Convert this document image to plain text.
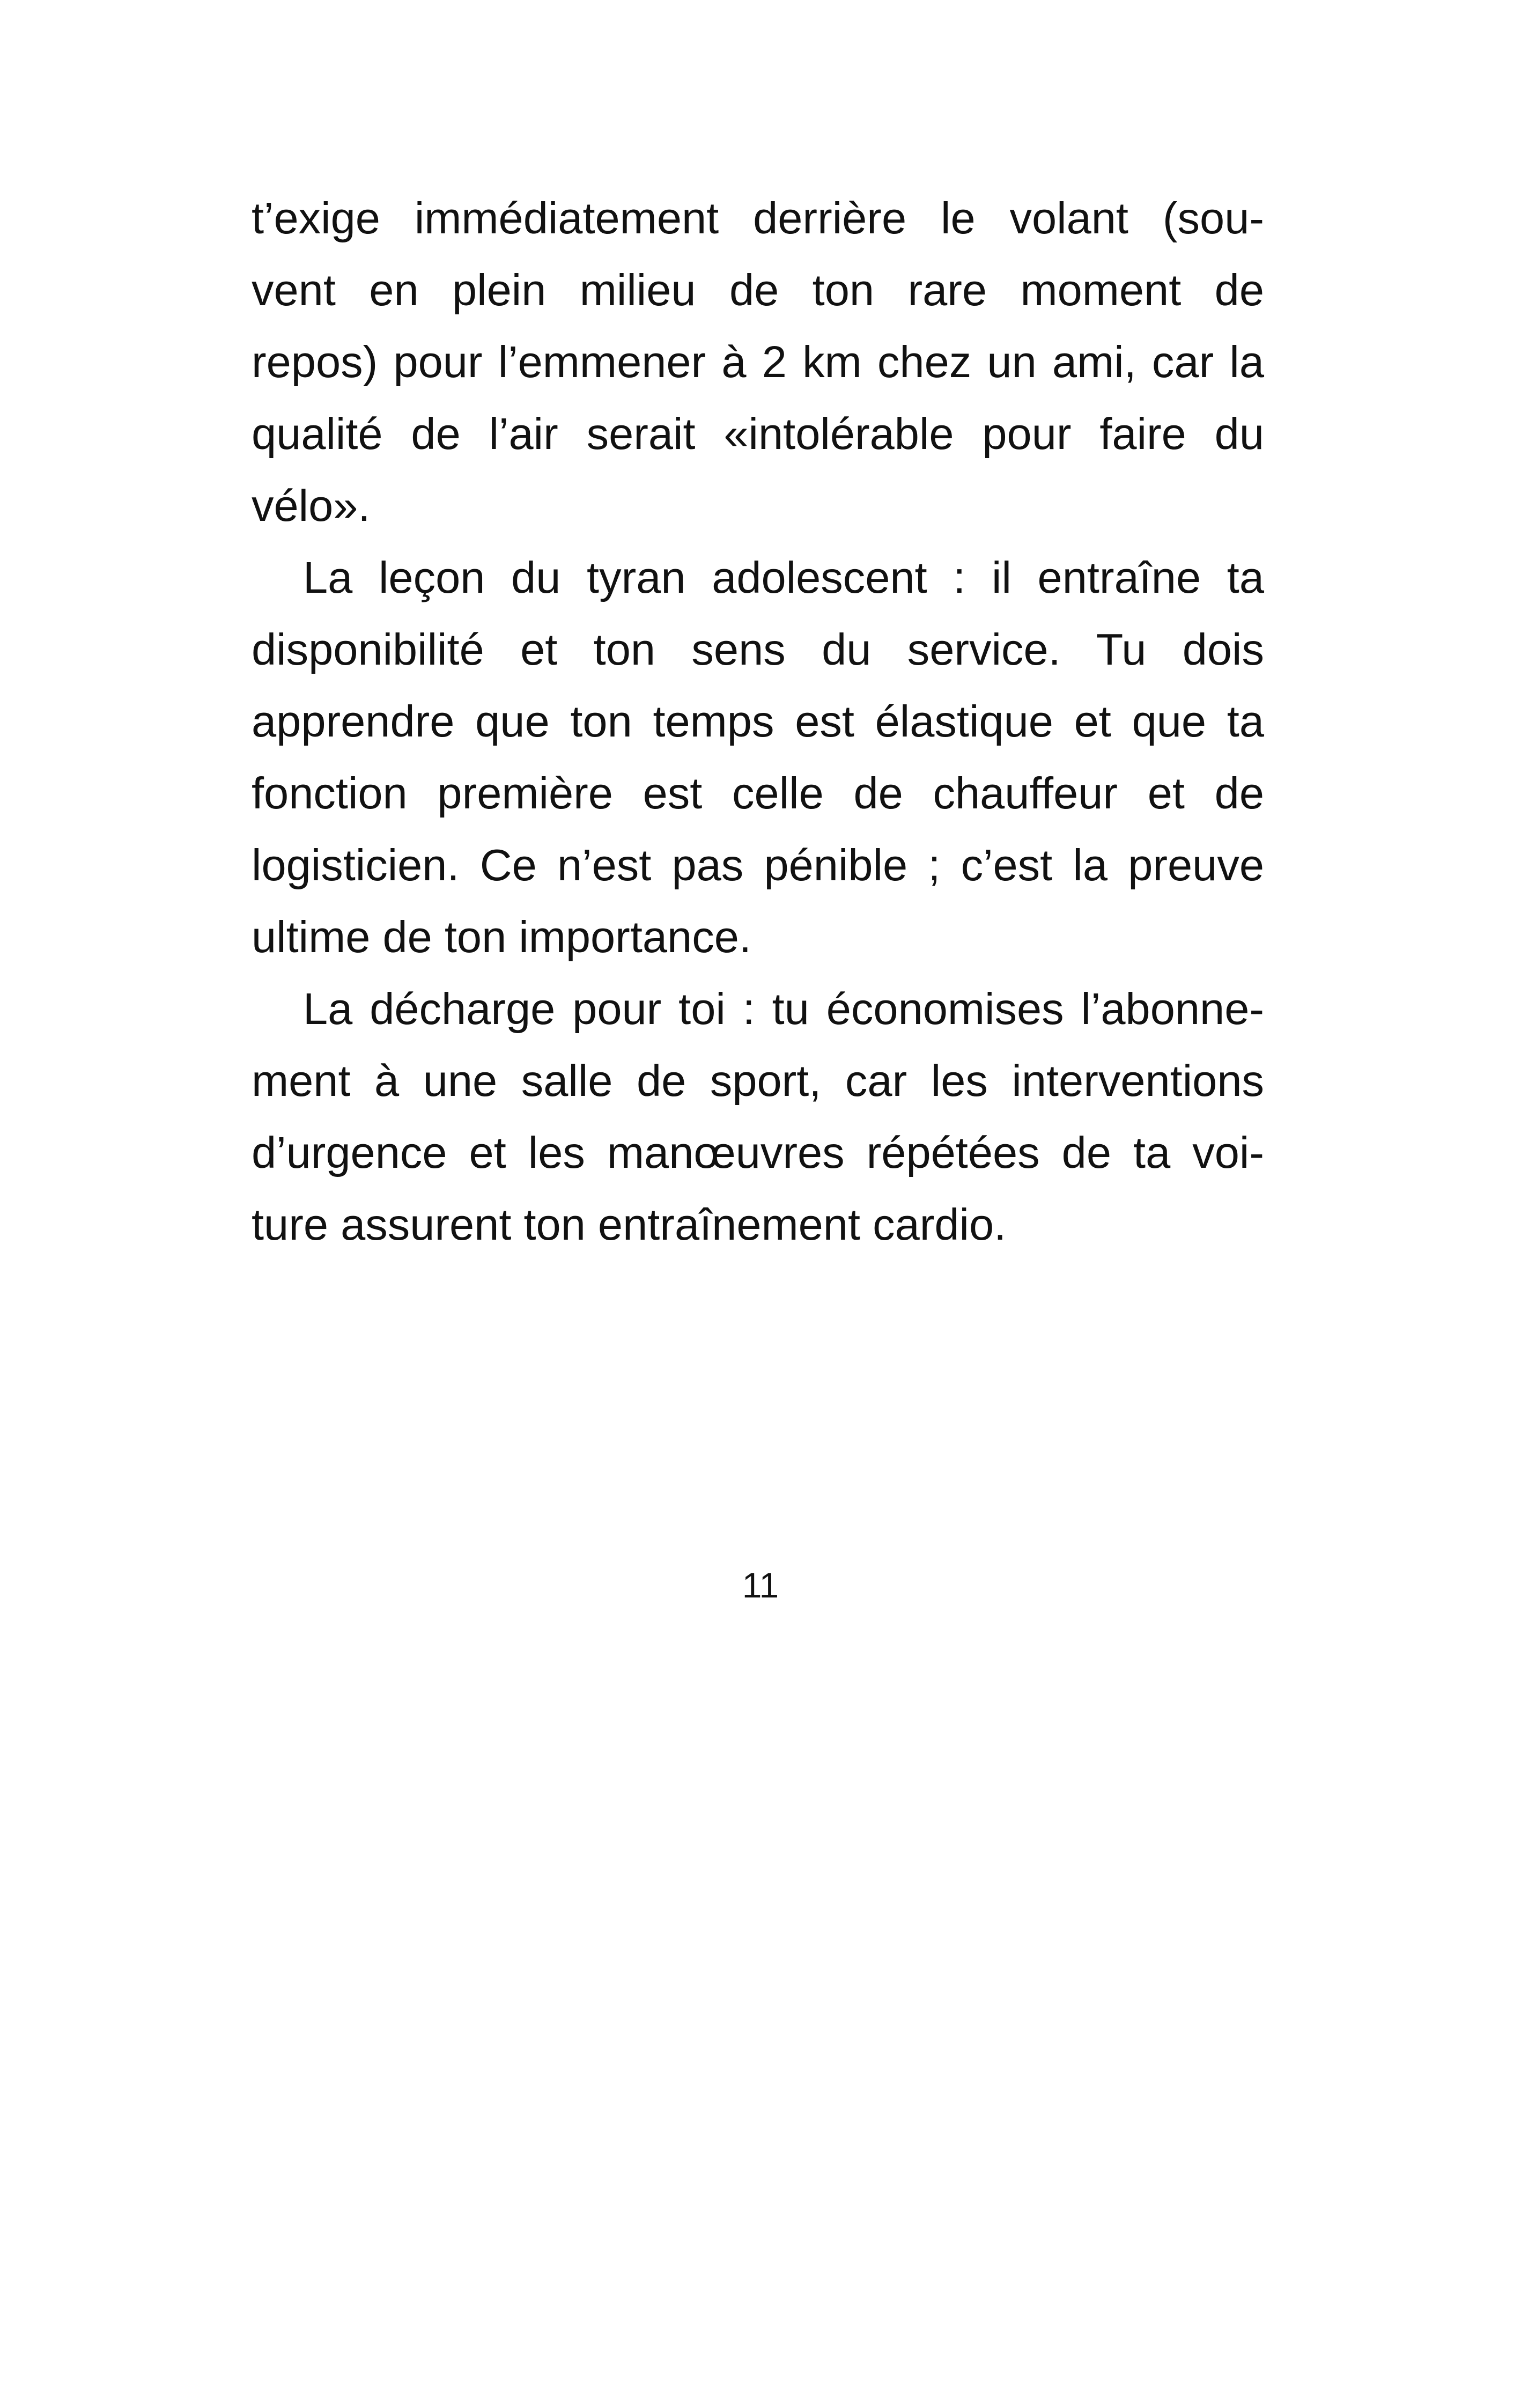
t’exige immédiatement derrière le volant (sou-
vent en plein milieu de ton rare moment de
repos) pour l’emmener à 2 km chez un ami, car la
qualité de l’air serait «intolérable pour faire du
vélo».
La leçon du tyran adolescent : il entraîne ta
disponibilité et ton sens du service. Tu dois
apprendre que ton temps est élastique et que ta
fonction première est celle de chauffeur et de
logisticien. Ce n’est pas pénible ; c’est la preuve
ultime de ton importance.
La décharge pour toi : tu économises l’abonne-
ment à une salle de sport, car les interventions
d’urgence et les manœuvres répétées de ta voi-
ture assurent ton entraînement cardio.
11
